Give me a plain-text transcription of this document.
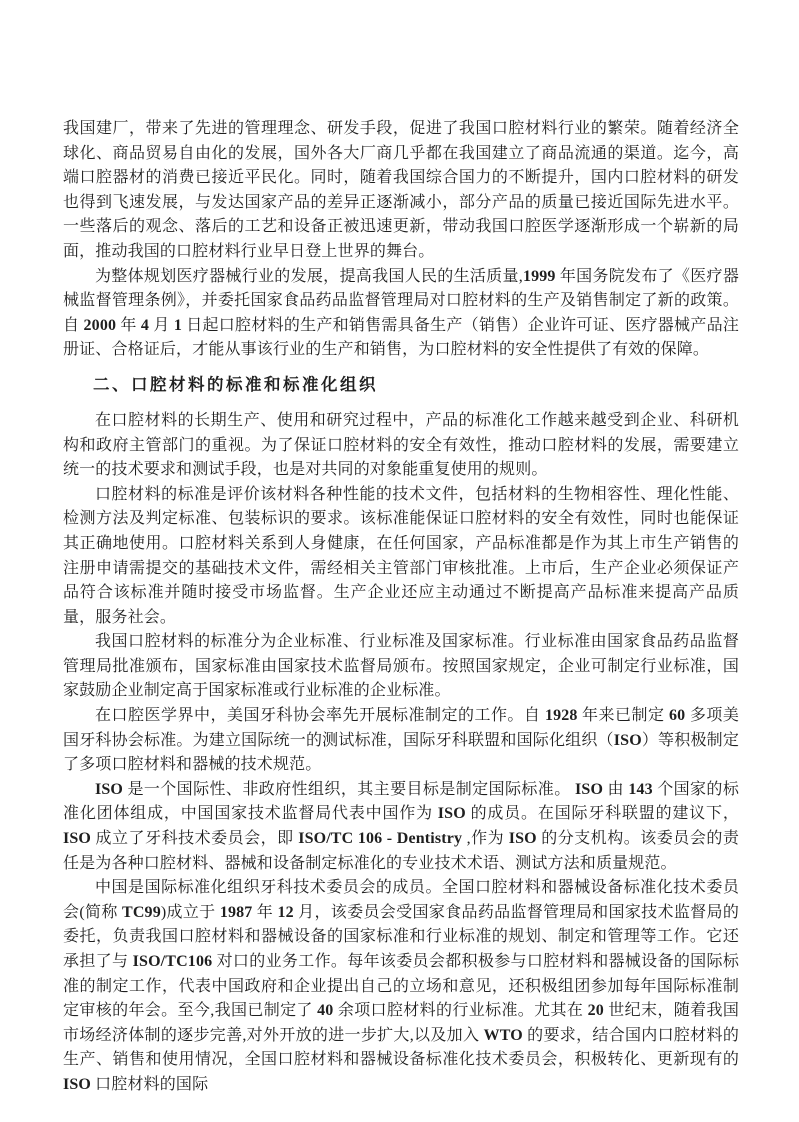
我国建厂，带来了先进的管理理念、研发手段，促进了我国口腔材料行业的繁荣。随着经济全球化、商品贸易自由化的发展，国外各大厂商几乎都在我国建立了商品流通的渠道。迄今，高端口腔器材的消费已接近平民化。同时，随着我国综合国力的不断提升，国内口腔材料的研发也得到飞速发展，与发达国家产品的差异正逐渐减小，部分产品的质量已接近国际先进水平。一些落后的观念、落后的工艺和设备正被迅速更新，带动我国口腔医学逐渐形成一个崭新的局面，推动我国的口腔材料行业早日登上世界的舞台。

为整体规划医疗器械行业的发展，提高我国人民的生活质量,1999 年国务院发布了《医疗器械监督管理条例》，并委托国家食品药品监督管理局对口腔材料的生产及销售制定了新的政策。自 2000 年 4 月 1 日起口腔材料的生产和销售需具备生产（销售）企业许可证、医疗器械产品注册证、合格证后，才能从事该行业的生产和销售，为口腔材料的安全性提供了有效的保障。

二、口腔材料的标准和标准化组织

在口腔材料的长期生产、使用和研究过程中，产品的标准化工作越来越受到企业、科研机构和政府主管部门的重视。为了保证口腔材料的安全有效性，推动口腔材料的发展，需要建立统一的技术要求和测试手段，也是对共同的对象能重复使用的规则。

口腔材料的标准是评价该材料各种性能的技术文件，包括材料的生物相容性、理化性能、检测方法及判定标准、包装标识的要求。该标准能保证口腔材料的安全有效性，同时也能保证其正确地使用。口腔材料关系到人身健康，在任何国家，产品标准都是作为其上市生产销售的注册申请需提交的基础技术文件，需经相关主管部门审核批准。上市后，生产企业必须保证产品符合该标准并随时接受市场监督。生产企业还应主动通过不断提高产品标准来提高产品质量，服务社会。

我国口腔材料的标准分为企业标准、行业标准及国家标准。行业标准由国家食品药品监督管理局批准颁布，国家标准由国家技术监督局颁布。按照国家规定，企业可制定行业标准，国家鼓励企业制定高于国家标准或行业标准的企业标准。

在口腔医学界中，美国牙科协会率先开展标准制定的工作。自 1928 年来已制定 60 多项美国牙科协会标准。为建立国际统一的测试标准，国际牙科联盟和国际化组织（ISO）等积极制定了多项口腔材料和器械的技术规范。

ISO 是一个国际性、非政府性组织，其主要目标是制定国际标准。 ISO 由 143 个国家的标准化团体组成，中国国家技术监督局代表中国作为 ISO 的成员。在国际牙科联盟的建议下，ISO 成立了牙科技术委员会，即 ISO/TC 106 - Dentistry ,作为 ISO 的分支机构。该委员会的责任是为各种口腔材料、器械和设备制定标准化的专业技术术语、测试方法和质量规范。

中国是国际标准化组织牙科技术委员会的成员。全国口腔材料和器械设备标准化技术委员会(简称 TC99)成立于 1987 年 12 月，该委员会受国家食品药品监督管理局和国家技术监督局的委托，负责我国口腔材料和器械设备的国家标准和行业标准的规划、制定和管理等工作。它还承担了与 ISO/TC106 对口的业务工作。每年该委员会都积极参与口腔材料和器械设备的国际标准的制定工作，代表中国政府和企业提出自己的立场和意见，还积极组团参加每年国际标准制定审核的年会。至今,我国已制定了 40 余项口腔材料的行业标准。尤其在 20 世纪末，随着我国市场经济体制的逐步完善,对外开放的进一步扩大,以及加入 WTO 的要求，结合国内口腔材料的生产、销售和使用情况，全国口腔材料和器械设备标准化技术委员会，积极转化、更新现有的 ISO 口腔材料的国际
